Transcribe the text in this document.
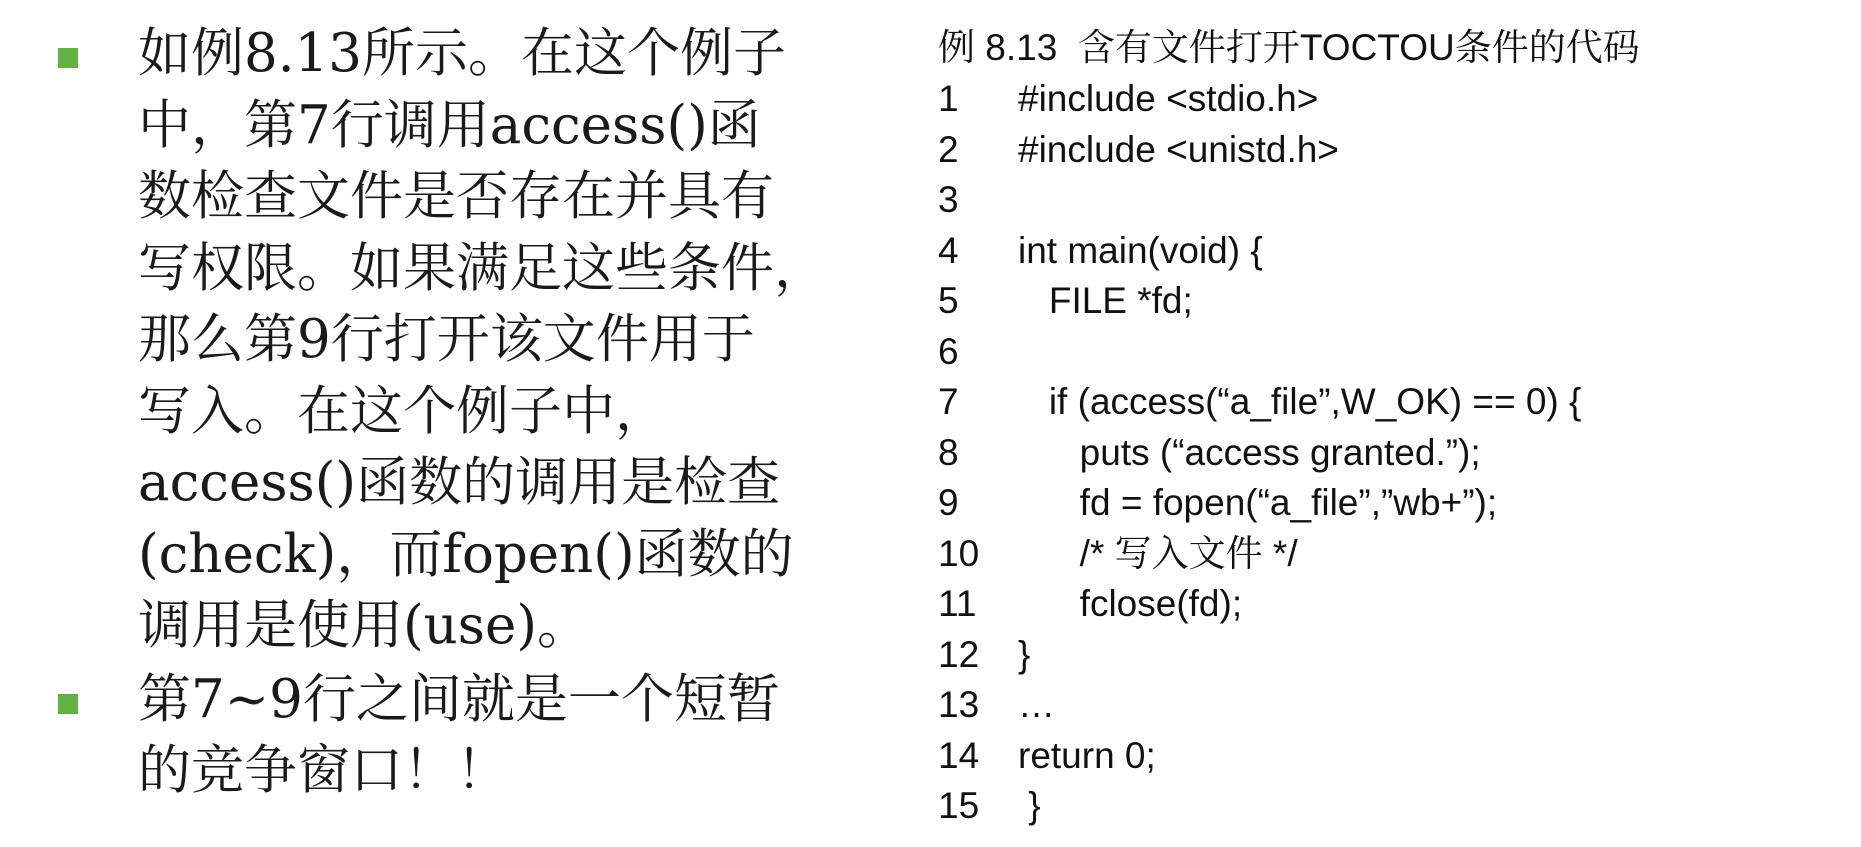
如例8.13所示。在这个例子
中，第7行调用access()函
数检查文件是否存在并具有
写权限。如果满足这些条件，
那么第9行打开该文件用于
写入。在这个例子中，
access()函数的调用是检查
(check)，而fopen()函数的
调用是使用(use)。
第7~9行之间就是一个短暂
的竞争窗口！！
例 8.13  含有文件打开TOCTOU条件的代码
1	#include <stdio.h>
2	#include <unistd.h>
3
4	int main(void) {
5	FILE *fd;
6
7	if (access(“a_file”,W_OK) == 0) {
8	puts (“access granted.”);
9	fd = fopen(“a_file”,”wb+”);
10	/* 写入文件 */
11	fclose(fd);
12	}
13	…
14	return 0;
15	}
